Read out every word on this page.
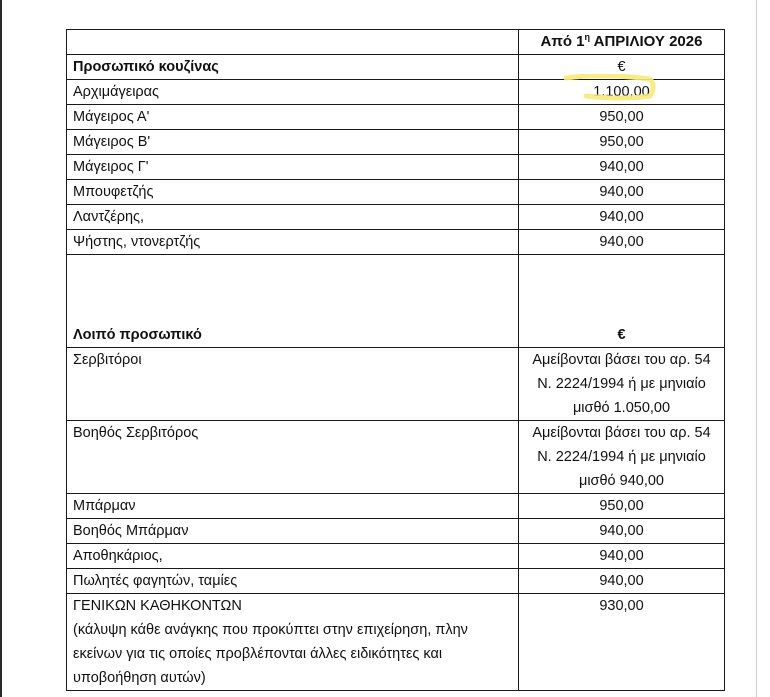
	Από $1^\eta$ ΑΠΡΙΛΙΟΥ 2026
Προσωπικό κουζίνας	€
Αρχιμάγειρας	1.100,00
Μάγειρος Α'	950,00
Μάγειρος Β'	950,00
Μάγειρος Γ'	940,00
Μπουφετζής	940,00
Λαντζέρης,	940,00
Ψήστης, ντονερτζής	940,00
Λοιπό προσωπικό	€
Σερβιτόροι	Αμείβονται βάσει του αρ. 54 Ν. 2224/1994 ή με μηνιαίο μισθό 1.050,00
Βοηθός Σερβιτόρος	Αμείβονται βάσει του αρ. 54 Ν. 2224/1994 ή με μηνιαίο μισθό 940,00
Μπάρμαν	950,00
Βοηθός Μπάρμαν	940,00
Αποθηκάριος,	940,00
Πωλητές φαγητών, ταμίες	940,00

ΓΕΝΙΚΩΝ ΚΑΘΗΚΟΝΤΩΝ
(κάλυψη κάθε ανάγκης που προκύπτει στην επιχείρηση, πλην εκείνων για τις οποίες προβλέπονται άλλες ειδικότητες και υποβοήθηση αυτών)	930,00
